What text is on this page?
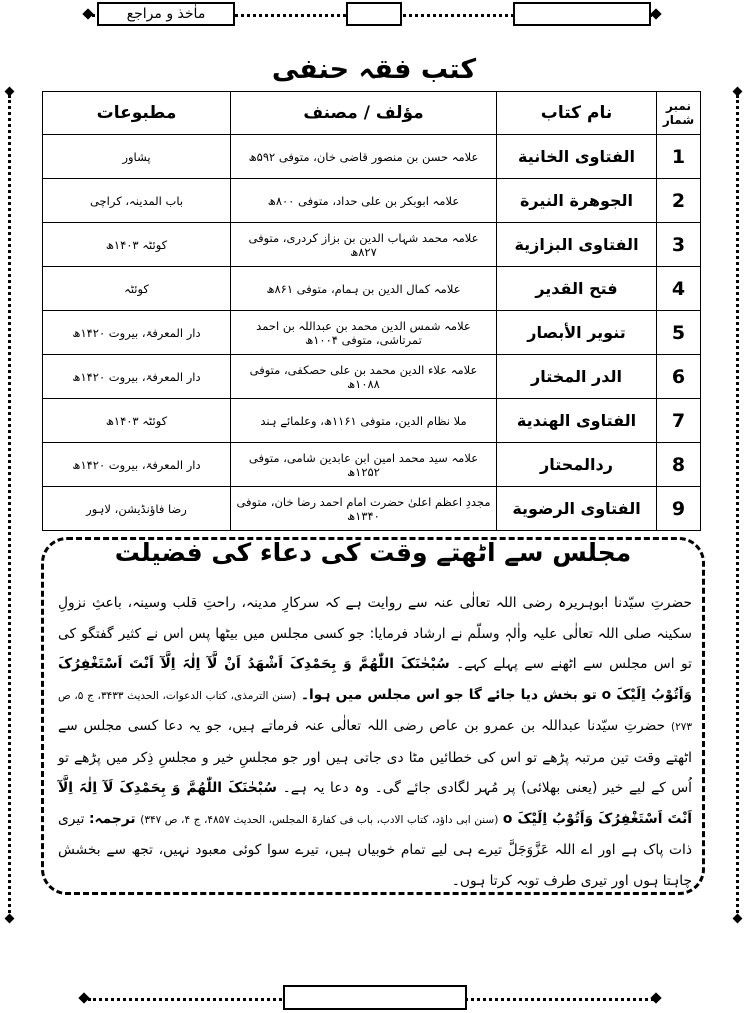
ماٰخذ و مراجع
کتب فقہ حنفی
نمبر شمار	نام کتاب	مؤلف / مصنف	مطبوعات
1	الفتاوى الخانية	علامہ حسن بن منصور قاضی خان، متوفی ۵۹۲ھ	پشاور
2	الجوهرة النيرة	علامہ ابوبکر بن علی حداد، متوفی ۸۰۰ھ	باب المدینہ، کراچی
3	الفتاوى البزازية	علامہ محمد شہاب الدین بن بزاز کردری، متوفی ۸۲۷ھ	کوئٹہ ۱۴۰۳ھ
4	فتح القدير	علامہ کمال الدین بن ہمام، متوفی ۸۶۱ھ	کوئٹہ
5	تنوير الأبصار	علامہ شمس الدین محمد بن عبداللہ بن احمد تمرتاشی، متوفی ۱۰۰۴ھ	دار المعرفۃ، بیروت ۱۴۲۰ھ
6	الدر المختار	علامہ علاء الدین محمد بن علی حصکفی، متوفی ۱۰۸۸ھ	دار المعرفۃ، بیروت ۱۴۲۰ھ
7	الفتاوى الهندية	ملا نظام الدین، متوفی ۱۱۶۱ھ، وعلمائے ہند	کوئٹہ ۱۴۰۳ھ
8	ردالمحتار	علامہ سید محمد امین ابن عابدین شامی، متوفی ۱۲۵۲ھ	دار المعرفۃ، بیروت ۱۴۲۰ھ
9	الفتاوى الرضوية	مجددِ اعظم اعلیٰ حضرت امام احمد رضا خان، متوفی ۱۳۴۰ھ	رضا فاؤنڈیشن، لاہور
مجلس سے اٹھتے وقت کی دعاء کی فضیلت

حضرتِ سیّدنا ابوہریرہ رضی اللہ تعالٰی عنہ سے روایت ہے کہ سرکارِ مدینہ، راحتِ قلب وسینہ، باعثِ نزولِ سکینہ صلی اللہ تعالٰی علیہ واٰلہٖ وسلّم نے ارشاد فرمایا: جو کسی مجلس میں بیٹھا پس اس نے کثیر گفتگو کی تو اس مجلس سے اٹھنے سے پہلے کہے۔ سُبْحٰنَکَ اللّٰھُمَّ وَ بِحَمْدِکَ اَشْھَدُ اَنْ لَّآ اِلٰہَ اِلَّآ اَنْتَ اَسْتَغْفِرُکَ وَاَتُوْبُ اِلَیْکَ o تو بخش دیا جائے گا جو اس مجلس میں ہوا۔ (سنن الترمذی، کتاب الدعوات، الحدیث ۳۴۳۳، ج ۵، ص ۲۷۳) حضرتِ سیّدنا عبداللہ بن عمرو بن عاص رضی اللہ تعالٰی عنہ فرماتے ہیں، جو یہ دعا کسی مجلس سے اٹھتے وقت تین مرتبہ پڑھے تو اس کی خطائیں مٹا دی جاتی ہیں اور جو مجلسِ خیر و مجلسِ ذِکر میں پڑھے تو اُس کے لیے خیر (یعنی بھلائی) پر مُہر لگادی جائے گی۔ وہ دعا یہ ہے۔ سُبْحٰنَکَ اللّٰھُمَّ وَ بِحَمْدِکَ لَآ اِلٰہَ اِلَّآ اَنْتَ اَسْتَغْفِرُکَ وَاَتُوْبُ اِلَیْکَ o (سنن ابی داؤد، کتاب الادب، باب فی کفارۃ المجلس، الحدیث ۴۸۵۷، ج ۴، ص ۳۴۷) ترجمہ: تیری ذات پاک ہے اور اے اللہ عَزَّوَجَلَّ تیرے ہی لیے تمام خوبیاں ہیں، تیرے سوا کوئی معبود نہیں، تجھ سے بخشش چاہتا ہوں اور تیری طرف توبہ کرتا ہوں۔
